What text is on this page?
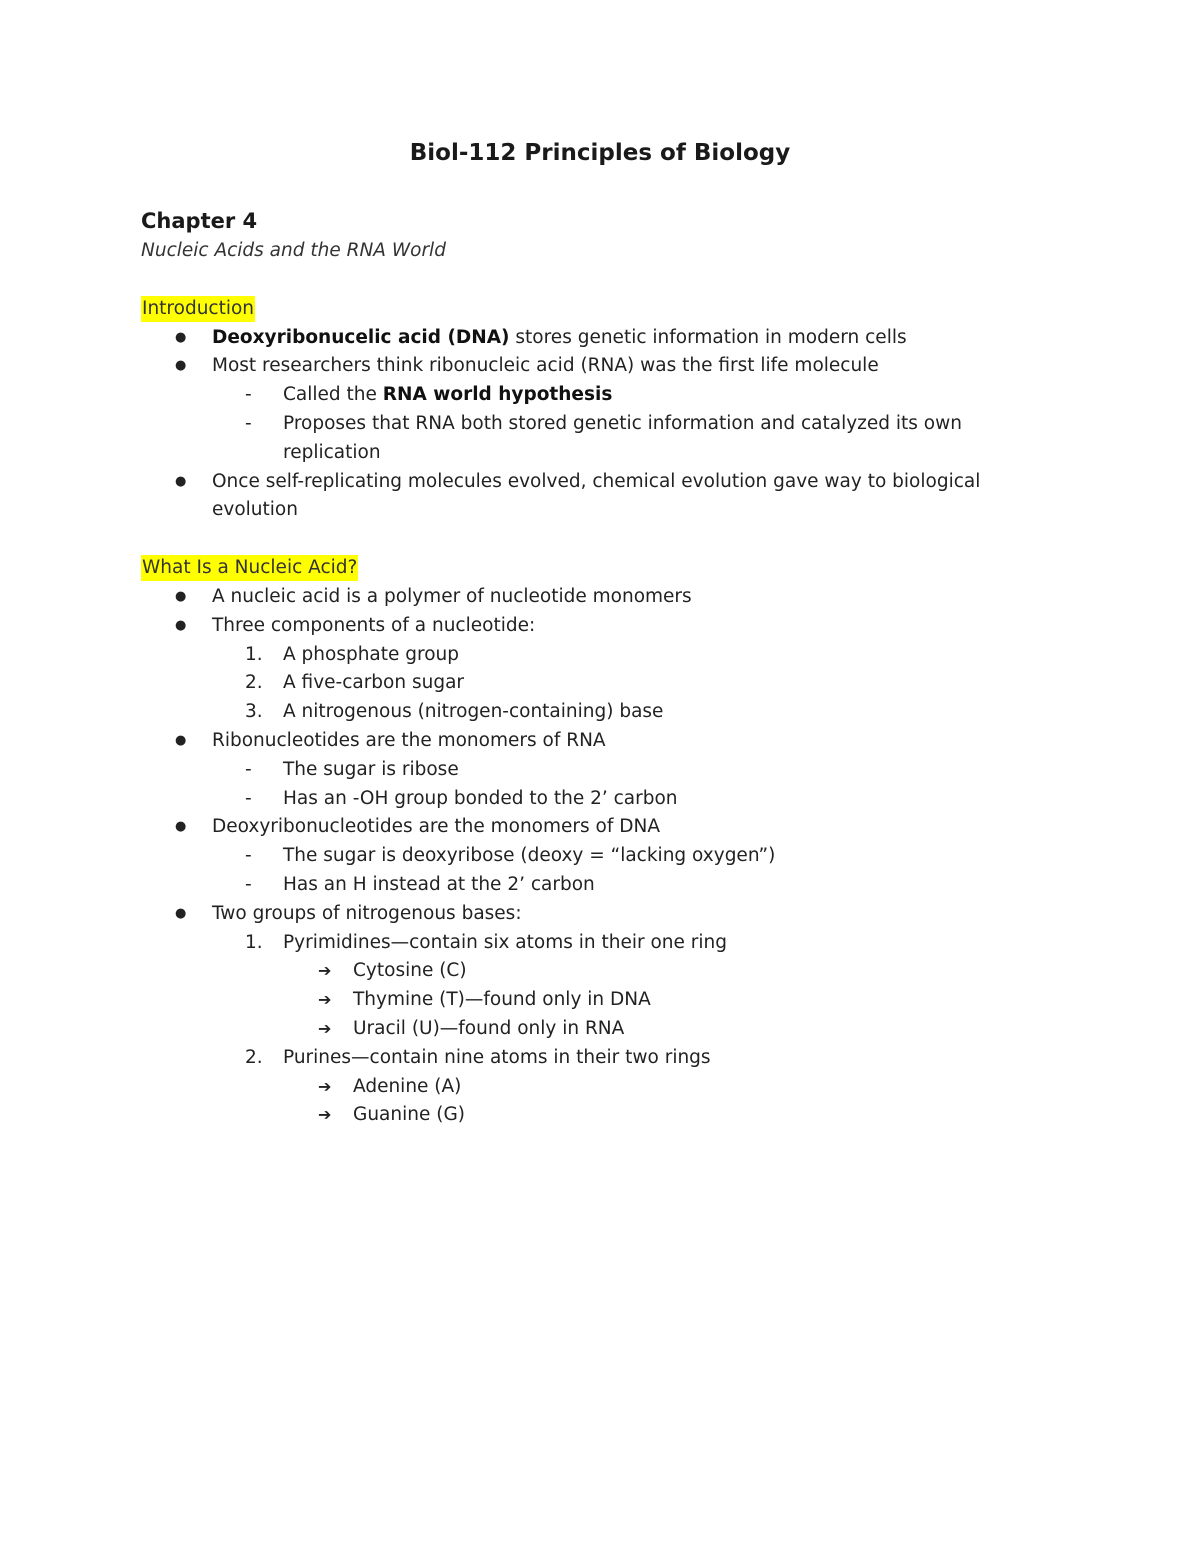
Biol-112 Principles of Biology
Chapter 4
Nucleic Acids and the RNA World
Introduction
● Deoxyribonucelic acid (DNA) stores genetic information in modern cells
● Most researchers think ribonucleic acid (RNA) was the first life molecule
- Called the RNA world hypothesis
- Proposes that RNA both stored genetic information and catalyzed its own replication
● Once self-replicating molecules evolved, chemical evolution gave way to biological evolution
What Is a Nucleic Acid?
● A nucleic acid is a polymer of nucleotide monomers
● Three components of a nucleotide:
1. A phosphate group
2. A five-carbon sugar
3. A nitrogenous (nitrogen-containing) base
● Ribonucleotides are the monomers of RNA
- The sugar is ribose
- Has an -OH group bonded to the 2’ carbon
● Deoxyribonucleotides are the monomers of DNA
- The sugar is deoxyribose (deoxy = “lacking oxygen”)
- Has an H instead at the 2’ carbon
● Two groups of nitrogenous bases:
1. Pyrimidines—contain six atoms in their one ring
➔ Cytosine (C)
➔ Thymine (T)—found only in DNA
➔ Uracil (U)—found only in RNA
2. Purines—contain nine atoms in their two rings
➔ Adenine (A)
➔ Guanine (G)
